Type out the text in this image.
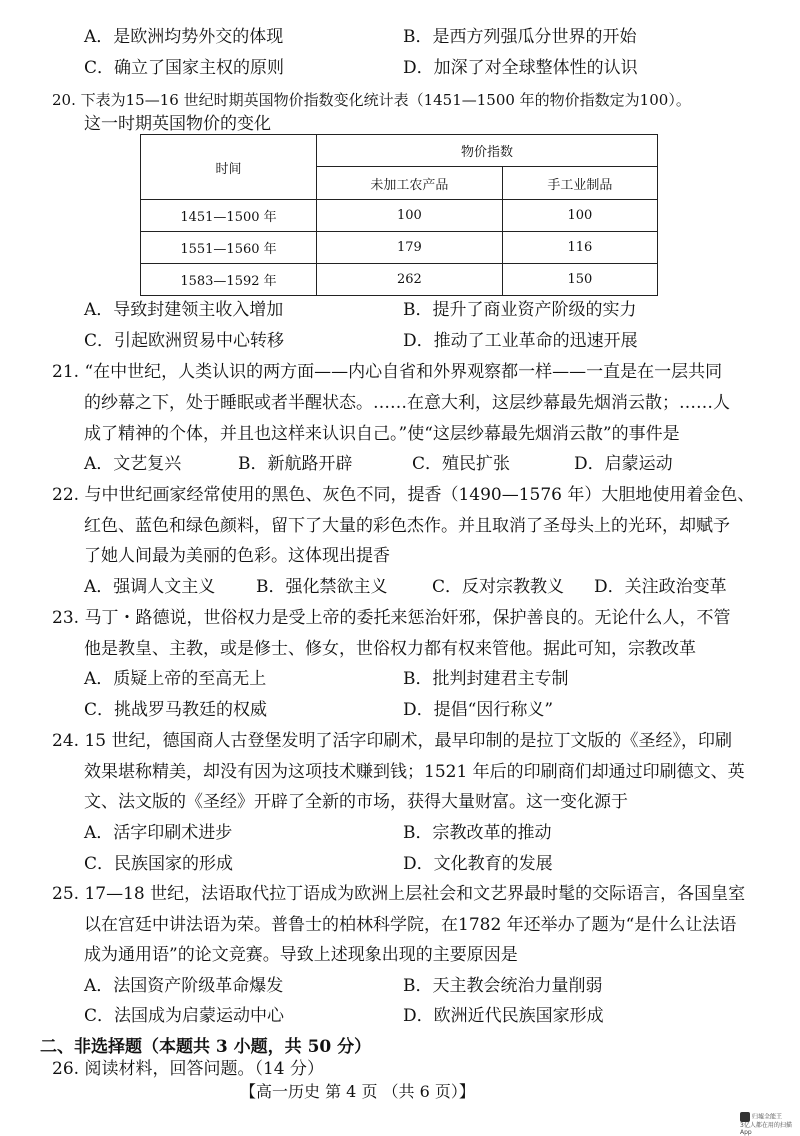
A．是欧洲均势外交的体现	B．是西方列强瓜分世界的开始
C．确立了国家主权的原则	D．加深了对全球整体性的认识
20. 下表为15—16 世纪时期英国物价指数变化统计表（1451—1500 年的物价指数定为100）。
这一时期英国物价的变化
时间	物价指数	
	未加工农产品	手工业制品
1451—1500 年	100	100
1551—1560 年	179	116
1583—1592 年	262	150
A．导致封建领主收入增加	B．提升了商业资产阶级的实力
C．引起欧洲贸易中心转移	D．推动了工业革命的迅速开展
21. “在中世纪，人类认识的两方面——内心自省和外界观察都一样——一直是在一层共同
的纱幕之下，处于睡眠或者半醒状态。……在意大利，这层纱幕最先烟消云散；……人
成了精神的个体，并且也这样来认识自己。”使“这层纱幕最先烟消云散”的事件是
A．文艺复兴	B．新航路开辟	C．殖民扩张	D．启蒙运动
22. 与中世纪画家经常使用的黑色、灰色不同，提香（1490—1576 年）大胆地使用着金色、
红色、蓝色和绿色颜料，留下了大量的彩色杰作。并且取消了圣母头上的光环，却赋予
了她人间最为美丽的色彩。这体现出提香
A．强调人文主义 B．强化禁欲主义	C．反对宗教教义 D．关注政治变革
23. 马丁・路德说，世俗权力是受上帝的委托来惩治奸邪，保护善良的。无论什么人，不管
他是教皇、主教，或是修士、修女，世俗权力都有权来管他。据此可知，宗教改革
A．质疑上帝的至高无上	B．批判封建君主专制
C．挑战罗马教廷的权威	D．提倡“因行称义”
24. 15 世纪，德国商人古登堡发明了活字印刷术，最早印制的是拉丁文版的《圣经》，印刷
效果堪称精美，却没有因为这项技术赚到钱；1521 年后的印刷商们却通过印刷德文、英
文、法文版的《圣经》开辟了全新的市场，获得大量财富。这一变化源于
A．活字印刷术进步	B．宗教改革的推动
C．民族国家的形成	D．文化教育的发展
25. 17—18 世纪，法语取代拉丁语成为欧洲上层社会和文艺界最时髦的交际语言，各国皇室
以在宫廷中讲法语为荣。普鲁士的柏林科学院，在1782 年还举办了题为“是什么让法语
成为通用语”的论文竞赛。导致上述现象出现的主要原因是
A．法国资产阶级革命爆发	B．天主教会统治力量削弱
C．法国成为启蒙运动中心	D．欧洲近代民族国家形成
二、非选择题（本题共 3 小题，共 50 分）
26. 阅读材料，回答问题。（14 分）
【高一历史 第 4 页 （共 6 页）】
归墟全能王
3亿人都在用的扫描App
